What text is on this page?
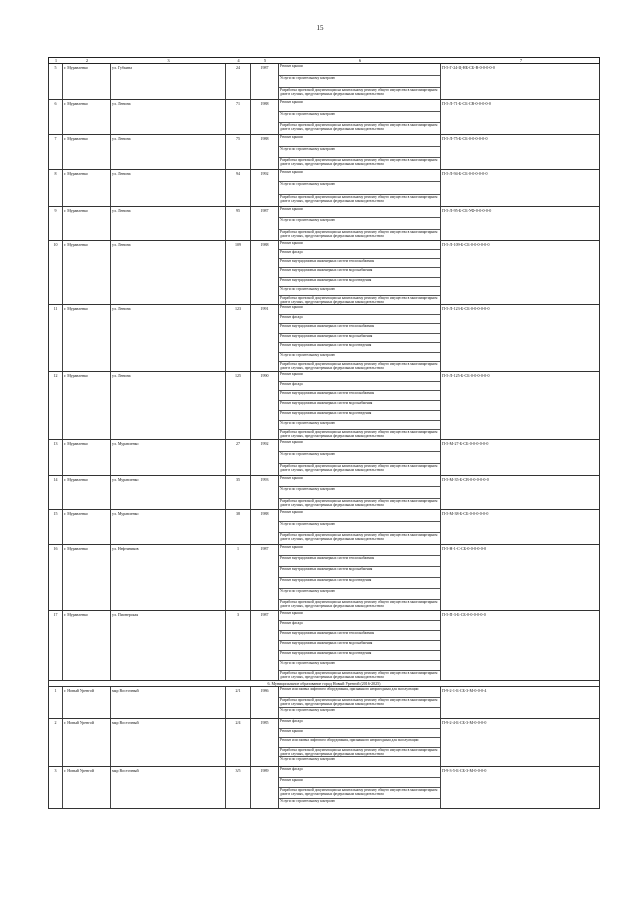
15
1	2	3	4	5	6	7
5	г. Муравленко	ул. Губкина	24	1987	Ремонт крыши
Услуги по строительному контролю
Разработка проектной документации на капитальному ремонту общего имущества в многоквартирном доме в случаях, предусмотренных федеральным законодательством
П-5-Г-24-Ц-НБ-СБ-В-0-0-0-0-0
6	г. Муравленко	ул. Ленина	71	1988	Ремонт крыши
Услуги по строительному контролю
Разработка проектной документации на капитальному ремонту общего имущества в многоквартирном доме в случаях, предусмотренных федеральным законодательством
П-5-Л-71-Б-СБ-СВ-0-0-0-0-0
7	г. Муравленко	ул. Ленина	75	1988	Ремонт крыши
Услуги по строительному контролю
Разработка проектной документации на капитальному ремонту общего имущества в многоквартирном доме в случаях, предусмотренных федеральным законодательством
П-5-Л-75-Б-СБ-0-0-0-0-0-0
8	г. Муравленко	ул. Ленина	94	1992	Ремонт крыши
Услуги по строительному контролю
Разработка проектной документации на капитальному ремонту общего имущества в многоквартирном доме в случаях, предусмотренных федеральным законодательством
П-5-Л-94-Б-СБ-0-0-0-0-0-0
9	г. Муравленко	ул. Ленина	95	1987	Ремонт крыши
Услуги по строительному контролю
Разработка проектной документации на капитальному ремонту общего имущества в многоквартирном доме в случаях, предусмотренных федеральным законодательством
П-5-Л-95-Б-СБ-УФ-0-0-0-0-0
10	г. Муравленко	ул. Ленина	109	1988	Ремонт крыши
Ремонт фасада
Ремонт внутридомовых инженерных систем теплоснабжения
Ремонт внутридомовых инженерных систем водоснабжения
Ремонт внутридомовых инженерных систем водоотведения
Услуги по строительному контролю
Разработка проектной документации на капитальному ремонту общего имущества в многоквартирном доме в случаях, предусмотренных федеральным законодательством
П-5-Л-109-Б-СБ-0-0-0-0-0-0
11	г. Муравленко	ул. Ленина	123	1991	Ремонт крыши
Ремонт фасада
Ремонт внутридомовых инженерных систем теплоснабжения
Ремонт внутридомовых инженерных систем водоснабжения
Ремонт внутридомовых инженерных систем водоотведения
Услуги по строительному контролю
Разработка проектной документации на капитальному ремонту общего имущества в многоквартирном доме в случаях, предусмотренных федеральным законодательством
П-5-Л-123-Б-СБ-0-0-0-0-0-0
12	г. Муравленко	ул. Ленина	125	1990	Ремонт крыши
Ремонт фасада
Ремонт внутридомовых инженерных систем теплоснабжения
Ремонт внутридомовых инженерных систем водоснабжения
Ремонт внутридомовых инженерных систем водоотведения
Услуги по строительному контролю
Разработка проектной документации на капитальному ремонту общего имущества в многоквартирном доме в случаях, предусмотренных федеральным законодательством
П-5-Л-125-Б-СБ-0-0-0-0-0-0
13	г. Муравленко	ул. Муравленко	27	1992	Ремонт крыши
Услуги по строительному контролю
Разработка проектной документации на капитальному ремонту общего имущества в многоквартирном доме в случаях, предусмотренных федеральным законодательством
П-5-М-27-Б-СБ-0-0-0-0-0-0
14	г. Муравленко	ул. Муравленко	35	1993	Ремонт крыши
Услуги по строительному контролю
Разработка проектной документации на капитальному ремонту общего имущества в многоквартирном доме в случаях, предусмотренных федеральным законодательством
П-5-М-35-Б-СВ-0-0-0-0-0-0
15	г. Муравленко	ул. Муравленко	38	1988	Ремонт крыши
Услуги по строительному контролю
Разработка проектной документации на капитальному ремонту общего имущества в многоквартирном доме в случаях, предусмотренных федеральным законодательством
П-5-М-38-Б-СБ-0-0-0-0-0-0
16	г. Муравленко	ул. Нефтяников	1	1987	Ремонт крыши
Ремонт внутридомовых инженерных систем теплоснабжения
Ремонт внутридомовых инженерных систем водоснабжения
Ремонт внутридомовых инженерных систем водоотведения
Услуги по строительному контролю
Разработка проектной документации на капитальному ремонту общего имущества в многоквартирном доме в случаях, предусмотренных федеральным законодательством
П-5-Н-1-С-СБ-0-0-0-0-0-0
17	г. Муравленко	ул. Пионерская	3	1987	Ремонт крыши
Ремонт фасада
Ремонт внутридомовых инженерных систем теплоснабжения
Ремонт внутридомовых инженерных систем водоснабжения
Ремонт внутридомовых инженерных систем водоотведения
Услуги по строительному контролю
Разработка проектной документации на капитальному ремонту общего имущества в многоквартирном доме в случаях, предусмотренных федеральным законодательством
П-5-П-3-Б-СБ-0-0-0-0-0-0
6. Муниципальное образование город Новый Уренгой (2016-2025)
1	г. Новый Уренгой	мкр Восточный	2/1	1986	Ремонт или замена лифтового оборудования, признанного непригодным для эксплуатации
Разработка проектной документации на капитальному ремонту общего имущества в многоквартирном доме в случаях, предусмотренных федеральным законодательством
Услуги по строительному контролю
П-9-2-1-Б-СБ-3-М-0-0-0-4
2	г. Новый Уренгой	мкр Восточный	2/4	1985	Ремонт фасада
Ремонт крыши
Ремонт или замена лифтового оборудования, признанного непригодным для эксплуатации
Разработка проектной документации на капитальному ремонту общего имущества в многоквартирном доме в случаях, предусмотренных федеральным законодательством
Услуги по строительному контролю
П-9-2-4-Б-СБ-3-М-0-0-0-0
3	г. Новый Уренгой	мкр Восточный	3/5	1989	Ремонт фасада
Ремонт крыши
Разработка проектной документации на капитальному ремонту общего имущества в многоквартирном доме в случаях, предусмотренных федеральным законодательством
Услуги по строительному контролю
П-9-3-5-Б-СБ-3-М-0-0-0-0
